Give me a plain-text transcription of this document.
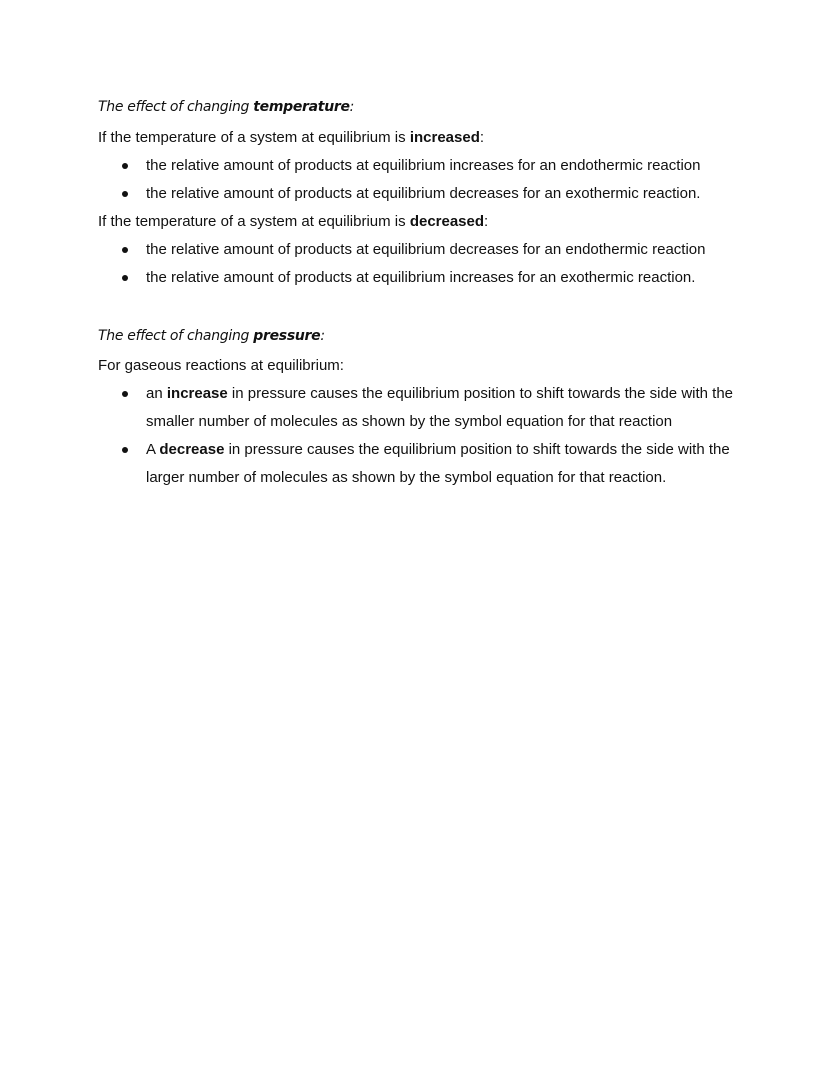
The effect of changing temperature:
If the temperature of a system at equilibrium is increased:
the relative amount of products at equilibrium increases for an endothermic reaction
the relative amount of products at equilibrium decreases for an exothermic reaction.
If the temperature of a system at equilibrium is decreased:
the relative amount of products at equilibrium decreases for an endothermic reaction
the relative amount of products at equilibrium increases for an exothermic reaction.
The effect of changing pressure:
For gaseous reactions at equilibrium:
an increase in pressure causes the equilibrium position to shift towards the side with the
smaller number of molecules as shown by the symbol equation for that reaction
A decrease in pressure causes the equilibrium position to shift towards the side with the
larger number of molecules as shown by the symbol equation for that reaction.
